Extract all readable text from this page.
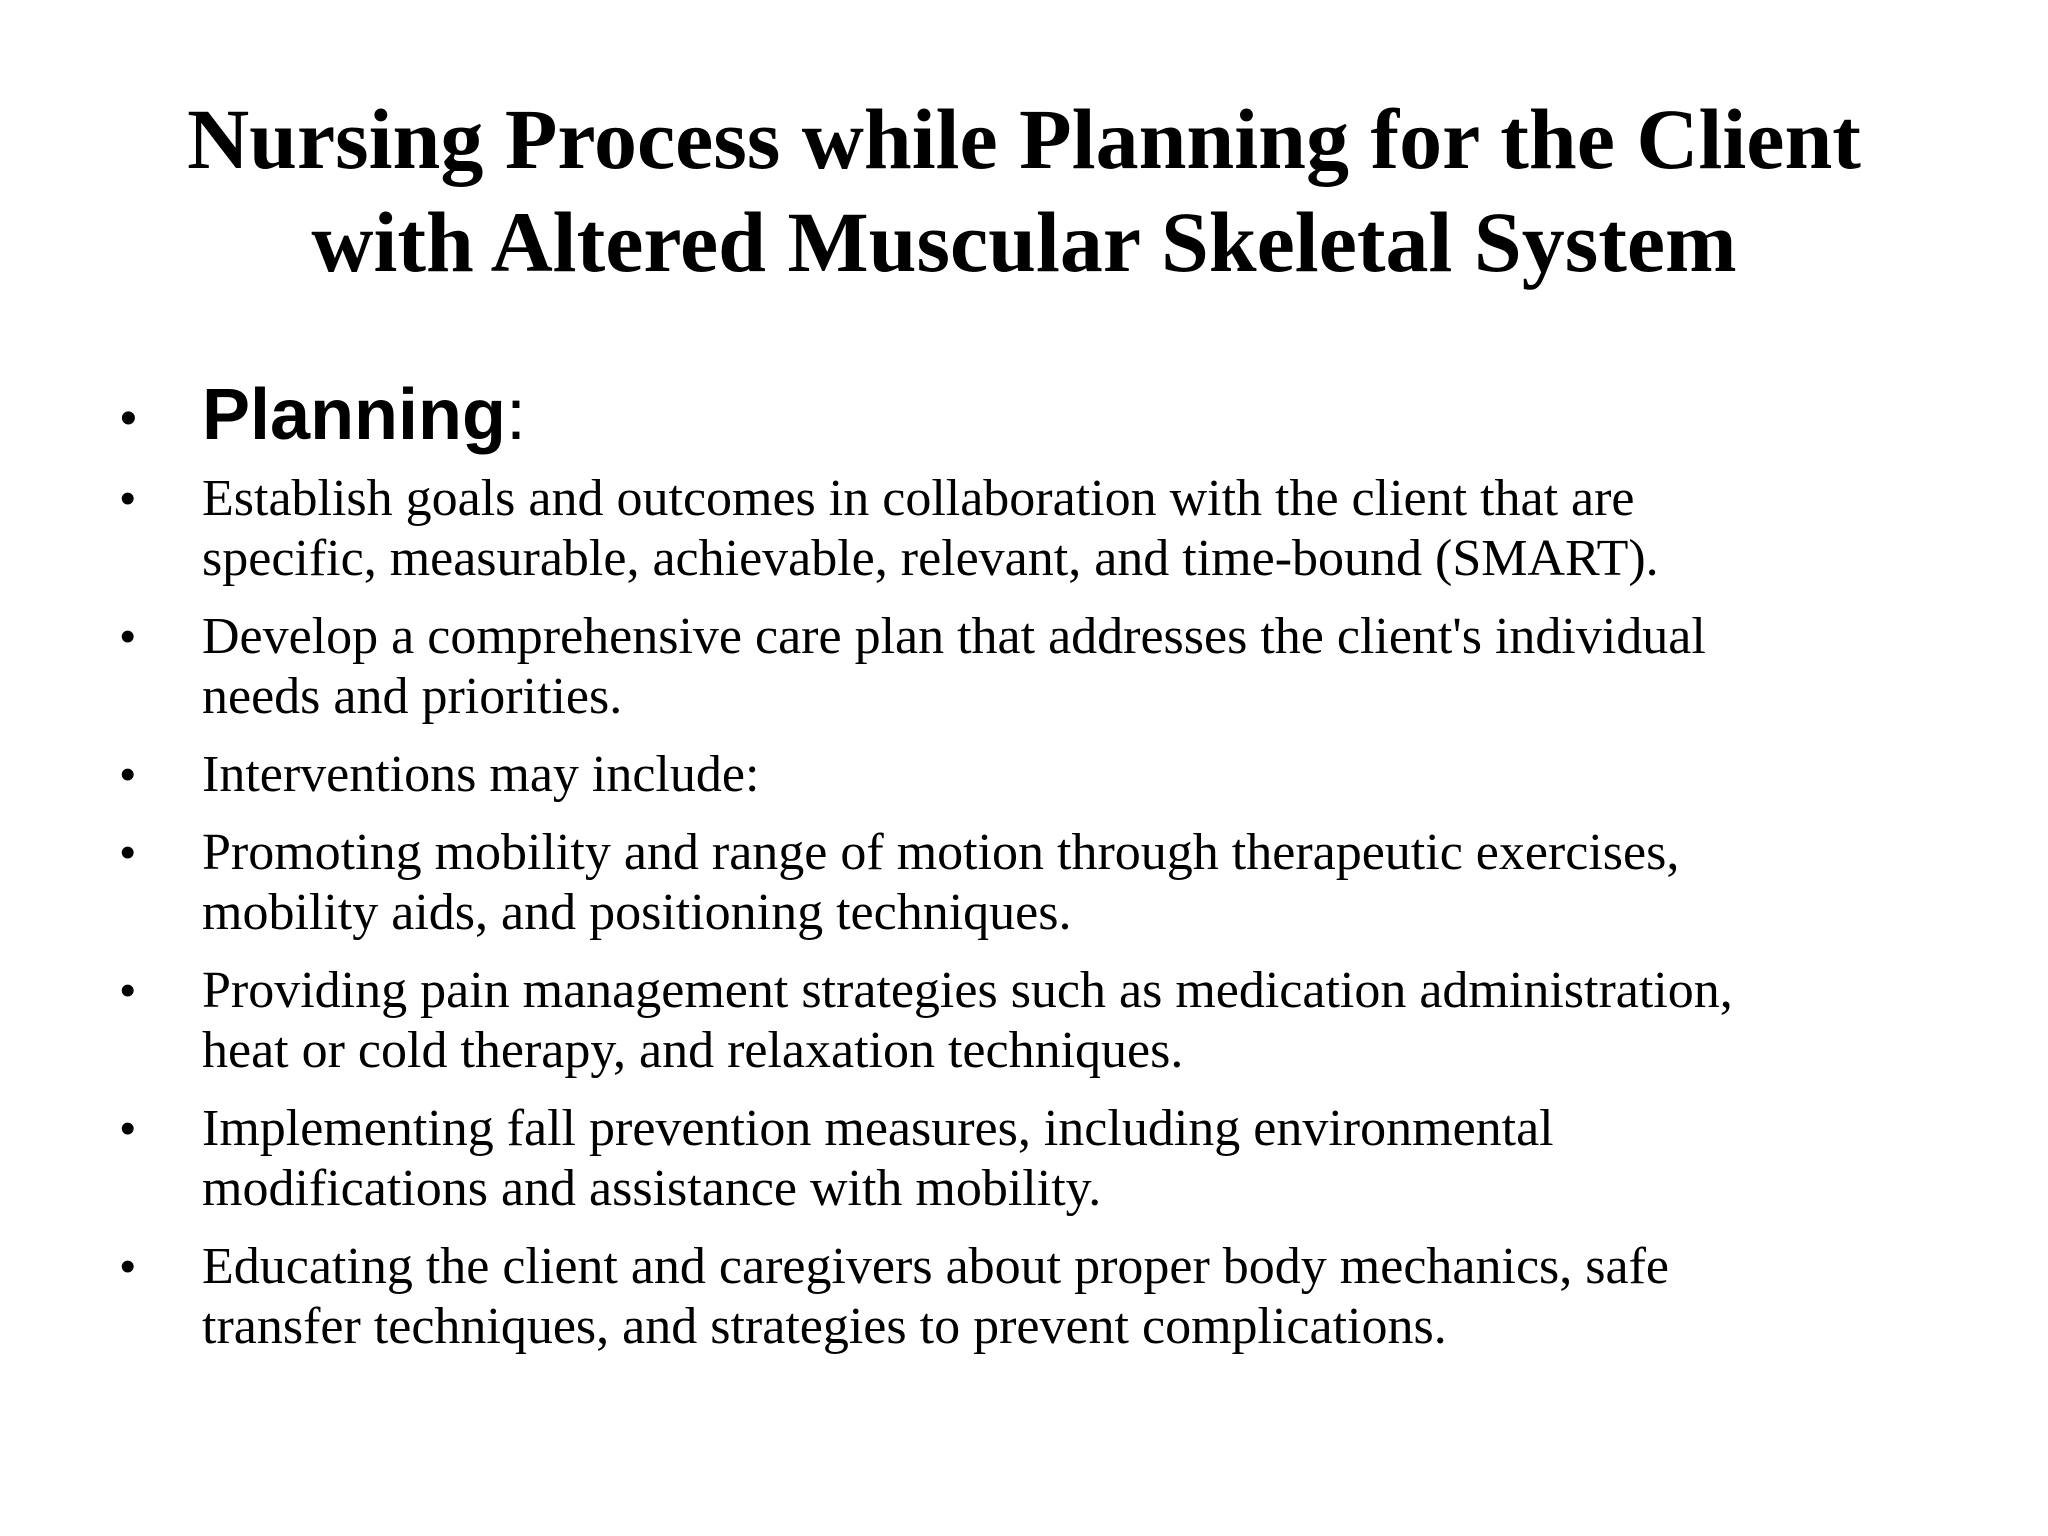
Nursing Process while Planning for the Client
with Altered Muscular Skeletal System
• Planning:
• Establish goals and outcomes in collaboration with the client that are
specific, measurable, achievable, relevant, and time-bound (SMART).
• Develop a comprehensive care plan that addresses the client's individual
needs and priorities.
• Interventions may include:
• Promoting mobility and range of motion through therapeutic exercises,
mobility aids, and positioning techniques.
• Providing pain management strategies such as medication administration,
heat or cold therapy, and relaxation techniques.
• Implementing fall prevention measures, including environmental
modifications and assistance with mobility.
• Educating the client and caregivers about proper body mechanics, safe
transfer techniques, and strategies to prevent complications.
